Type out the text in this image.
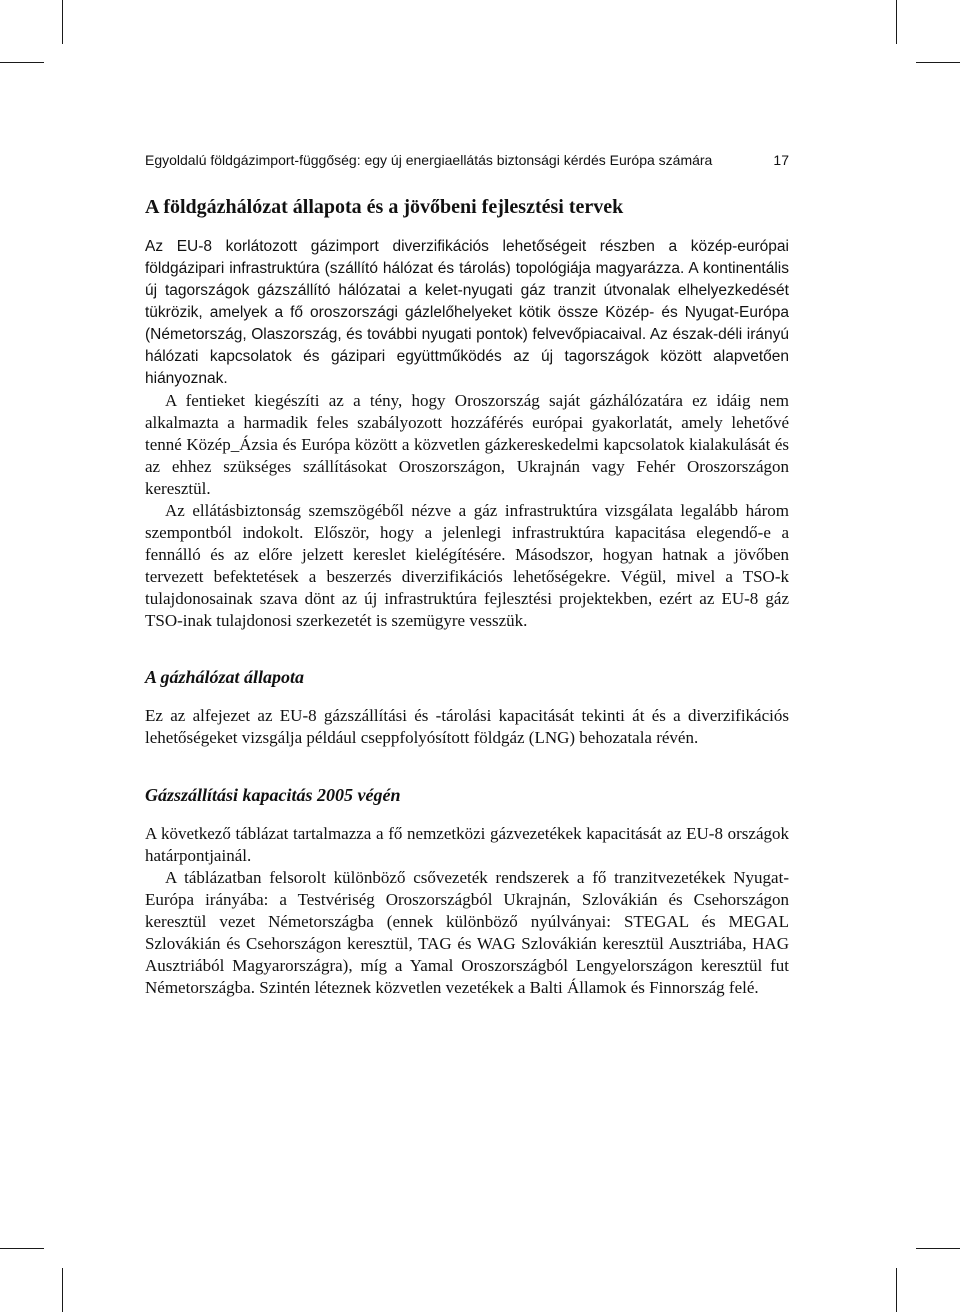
Egyoldalú földgázimport-függőség: egy új energiaellátás biztonsági kérdés Európa számára	17
A földgázhálózat állapota és a jövőbeni fejlesztési tervek

Az EU-8 korlátozott gázimport diverzifikációs lehetőségeit részben a közép-európai földgázipari infrastruktúra (szállító hálózat és tárolás) topológiája magyarázza. A kontinentális új tagországok gázszállító hálózatai a kelet-nyugati gáz tranzit útvonalak elhelyezkedését tükrözik, amelyek a fő oroszországi gázlelőhelyeket kötik össze Közép- és Nyugat-Európa (Németország, Olaszország, és további nyugati pontok) felvevőpiacaival. Az észak-déli irányú hálózati kapcsolatok és gázipari együttműködés az új tagországok között alapvetően hiányoznak.

A fentieket kiegészíti az a tény, hogy Oroszország saját gázhálózatára ez idáig nem alkalmazta a harmadik feles szabályozott hozzáférés európai gyakorlatát, amely lehetővé tenné Közép_Ázsia és Európa között a közvetlen gázkereskedelmi kapcsolatok kialakulását és az ehhez szükséges szállításokat Oroszországon, Ukrajnán vagy Fehér Oroszországon keresztül.

Az ellátásbiztonság szemszögéből nézve a gáz infrastruktúra vizsgálata legalább három szempontból indokolt. Először, hogy a jelenlegi infrastruktúra kapacitása elegendő-e a fennálló és az előre jelzett kereslet kielégítésére. Másodszor, hogyan hatnak a jövőben tervezett befektetések a beszerzés diverzifikációs lehetőségekre. Végül, mivel a TSO-k tulajdonosainak szava dönt az új infrastruktúra fejlesztési projektekben, ezért az EU-8 gáz TSO-inak tulajdonosi szerkezetét is szemügyre vesszük.

A gázhálózat állapota

Ez az alfejezet az EU-8 gázszállítási és -tárolási kapacitását tekinti át és a diverzifikációs lehetőségeket vizsgálja például cseppfolyósított földgáz (LNG) behozatala révén.

Gázszállítási kapacitás 2005 végén

A következő táblázat tartalmazza a fő nemzetközi gázvezetékek kapacitását az EU-8 országok határpontjainál.

A táblázatban felsorolt különböző csővezeték rendszerek a fő tranzitvezetékek Nyugat-Európa irányába: a Testvériség Oroszországból Ukrajnán, Szlovákián és Csehországon keresztül vezet Németországba (ennek különböző nyúlványai: STEGAL és MEGAL Szlovákián és Csehországon keresztül, TAG és WAG Szlovákián keresztül Ausztriába, HAG Ausztriából Magyarországra), míg a Yamal Oroszországból Lengyelországon keresztül fut Németországba. Szintén léteznek közvetlen vezetékek a Balti Államok és Finnország felé.
